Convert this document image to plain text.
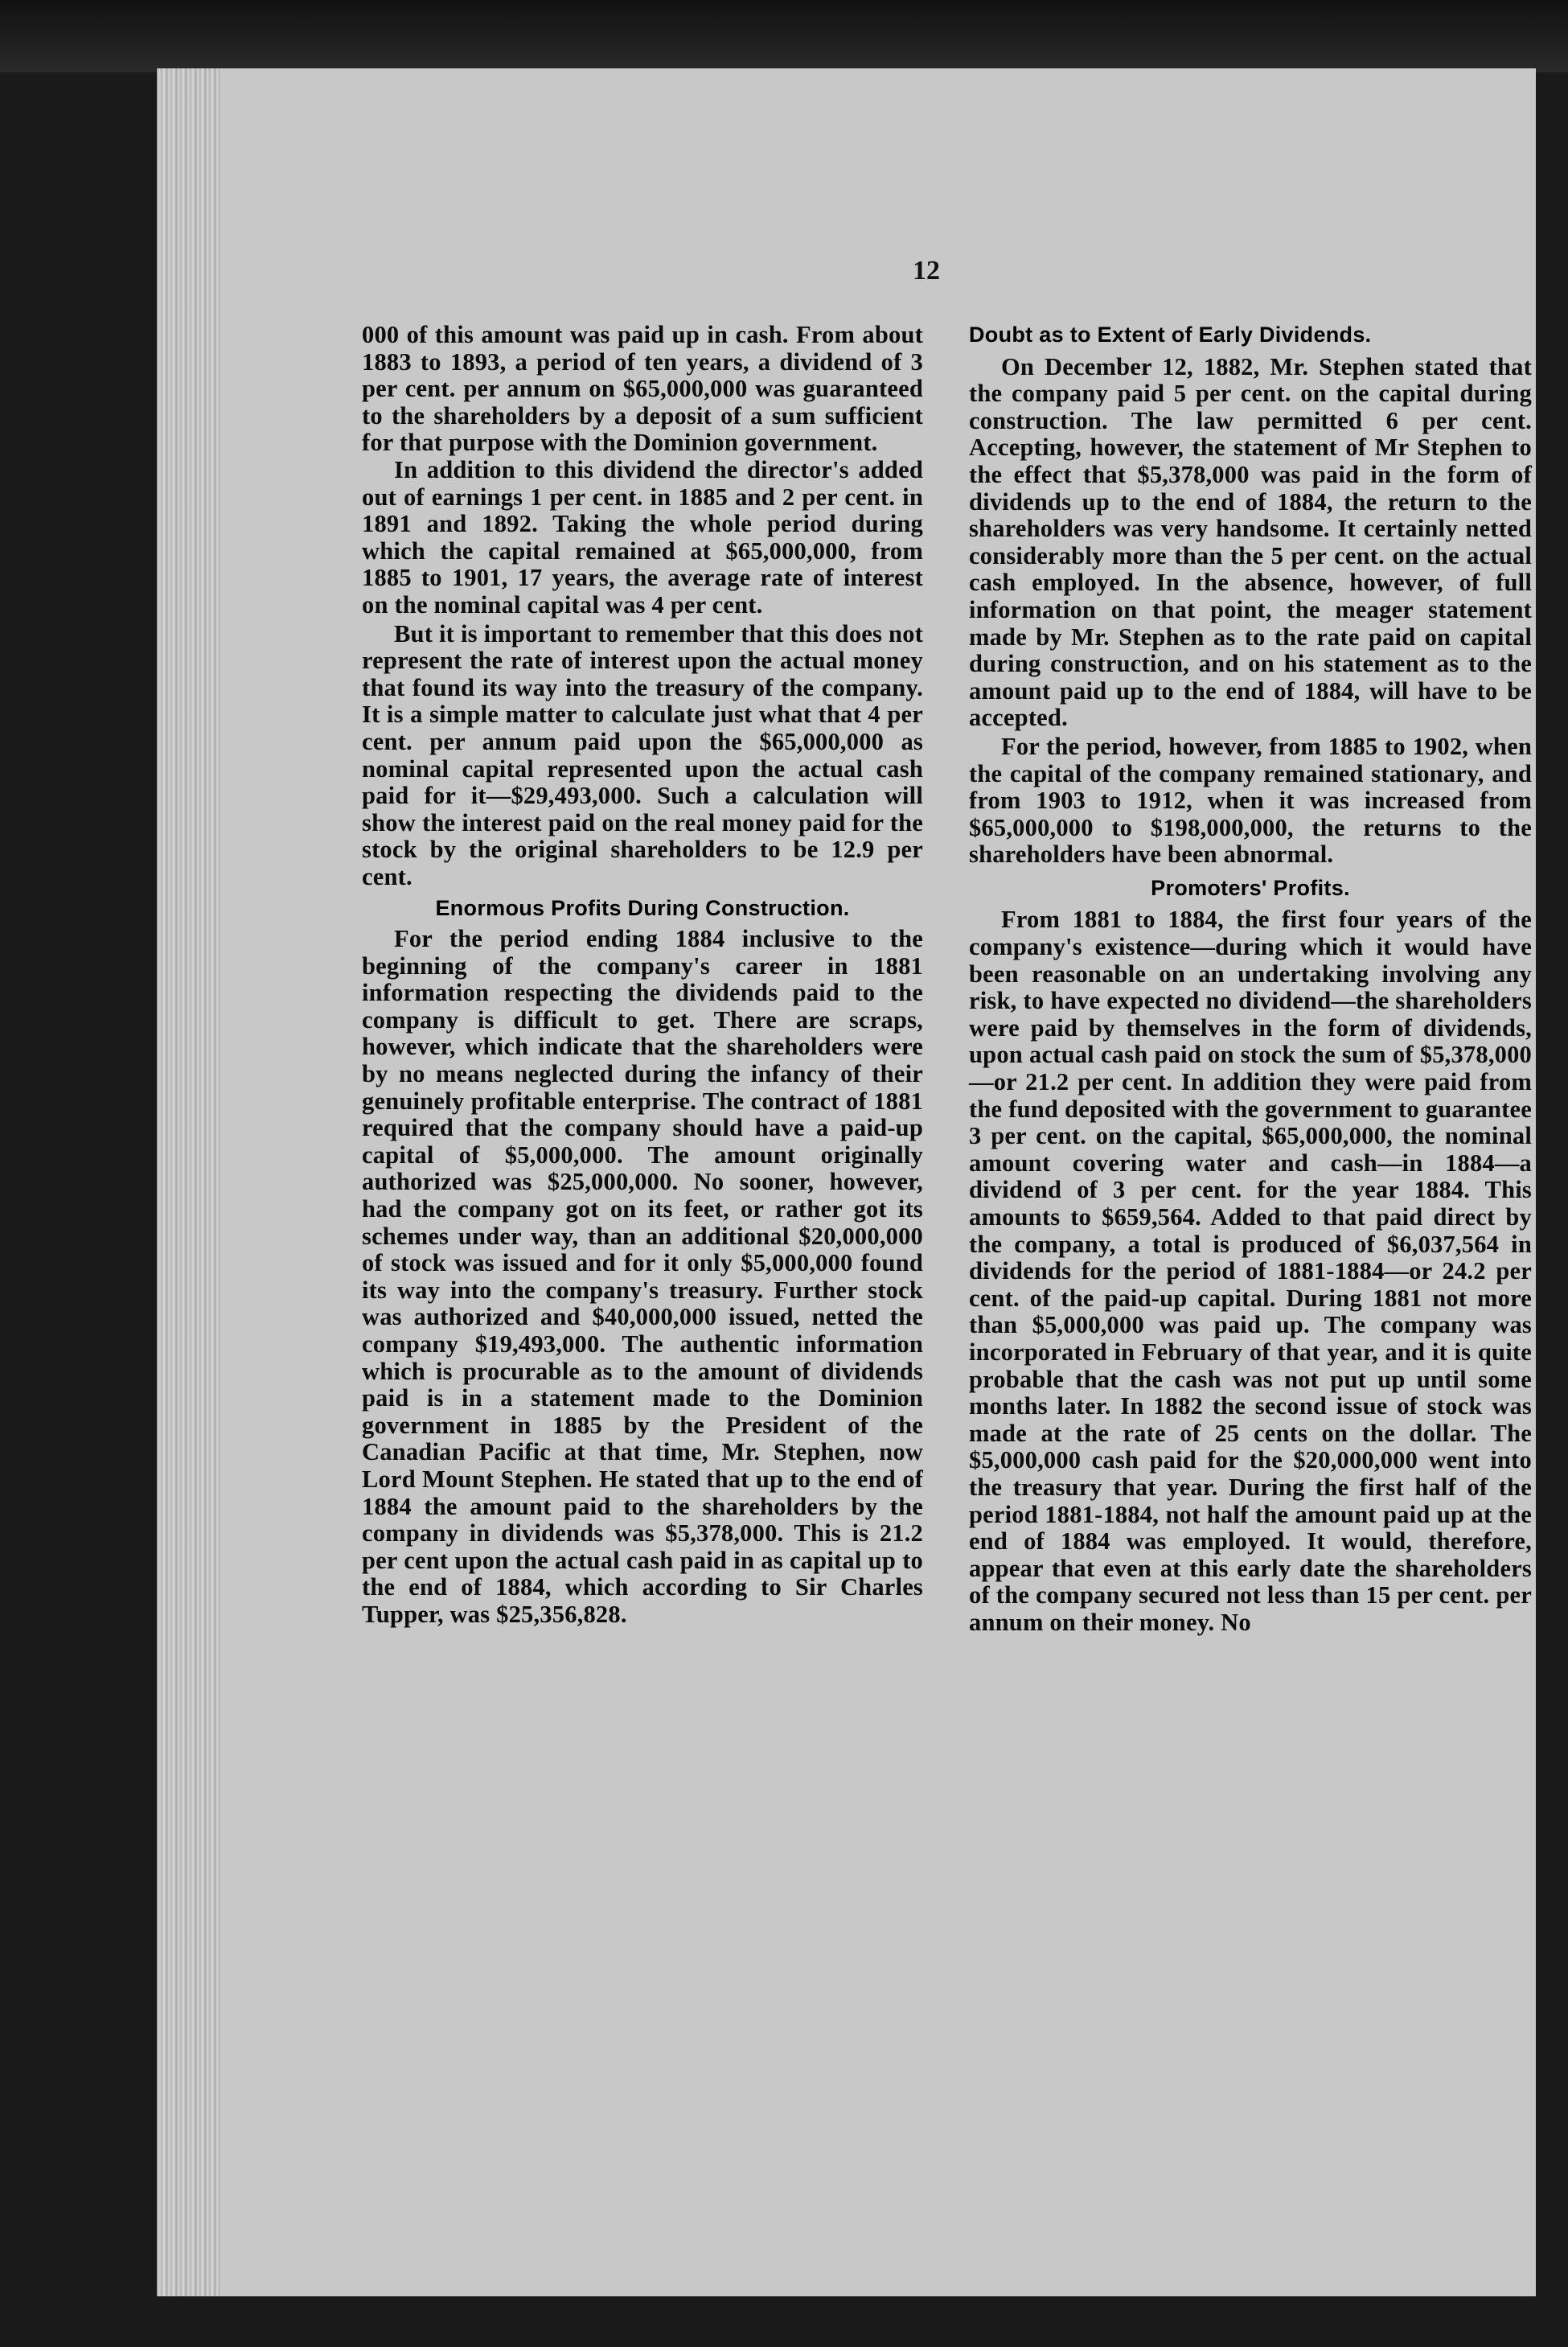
12

000 of this amount was paid up in cash. From about 1883 to 1893, a period of ten years, a dividend of 3 per cent. per annum on $65,000,000 was guaranteed to the shareholders by a deposit of a sum sufficient for that purpose with the Dominion government.

In addition to this dividend the director's added out of earnings 1 per cent. in 1885 and 2 per cent. in 1891 and 1892. Taking the whole period during which the capital remained at $65,000,000, from 1885 to 1901, 17 years, the average rate of interest on the nominal capital was 4 per cent.

But it is important to remember that this does not represent the rate of interest upon the actual money that found its way into the treasury of the company. It is a simple matter to calculate just what that 4 per cent. per annum paid upon the $65,000,000 as nominal capital represented upon the actual cash paid for it—$29,493,000. Such a calculation will show the interest paid on the real money paid for the stock by the original shareholders to be 12.9 per cent.

Enormous Profits During Construction.

For the period ending 1884 inclusive to the beginning of the company's career in 1881 information respecting the dividends paid to the company is difficult to get. There are scraps, however, which indicate that the shareholders were by no means neglected during the infancy of their genuinely profitable enterprise. The contract of 1881 required that the company should have a paid-up capital of $5,000,000. The amount originally authorized was $25,000,000. No sooner, however, had the company got on its feet, or rather got its schemes under way, than an additional $20,000,000 of stock was issued and for it only $5,000,000 found its way into the company's treasury. Further stock was authorized and $40,000,000 issued, netted the company $19,493,000. The authentic information which is procurable as to the amount of dividends paid is in a statement made to the Dominion government in 1885 by the President of the Canadian Pacific at that time, Mr. Stephen, now Lord Mount Stephen. He stated that up to the end of 1884 the amount paid to the shareholders by the company in dividends was $5,378,000. This is 21.2 per cent upon the actual cash paid in as capital up to the end of 1884, which according to Sir Charles Tupper, was $25,356,828.

Doubt as to Extent of Early Dividends.

On December 12, 1882, Mr. Stephen stated that the company paid 5 per cent. on the capital during construction. The law permitted 6 per cent. Accepting, however, the statement of Mr Stephen to the effect that $5,378,000 was paid in the form of dividends up to the end of 1884, the return to the shareholders was very handsome. It certainly netted considerably more than the 5 per cent. on the actual cash employed. In the absence, however, of full information on that point, the meager statement made by Mr. Stephen as to the rate paid on capital during construction, and on his statement as to the amount paid up to the end of 1884, will have to be accepted.

For the period, however, from 1885 to 1902, when the capital of the company remained stationary, and from 1903 to 1912, when it was increased from $65,000,000 to $198,000,000, the returns to the shareholders have been abnormal.

Promoters' Profits.

From 1881 to 1884, the first four years of the company's existence—during which it would have been reasonable on an undertaking involving any risk, to have expected no dividend—the shareholders were paid by themselves in the form of dividends, upon actual cash paid on stock the sum of $5,378,000—or 21.2 per cent. In addition they were paid from the fund deposited with the government to guarantee 3 per cent. on the capital, $65,000,000, the nominal amount covering water and cash—in 1884—a dividend of 3 per cent. for the year 1884. This amounts to $659,564. Added to that paid direct by the company, a total is produced of $6,037,564 in dividends for the period of 1881-1884—or 24.2 per cent. of the paid-up capital. During 1881 not more than $5,000,000 was paid up. The company was incorporated in February of that year, and it is quite probable that the cash was not put up until some months later. In 1882 the second issue of stock was made at the rate of 25 cents on the dollar. The $5,000,000 cash paid for the $20,000,000 went into the treasury that year. During the first half of the period 1881-1884, not half the amount paid up at the end of 1884 was employed. It would, therefore, appear that even at this early date the shareholders of the company secured not less than 15 per cent. per annum on their money. No
